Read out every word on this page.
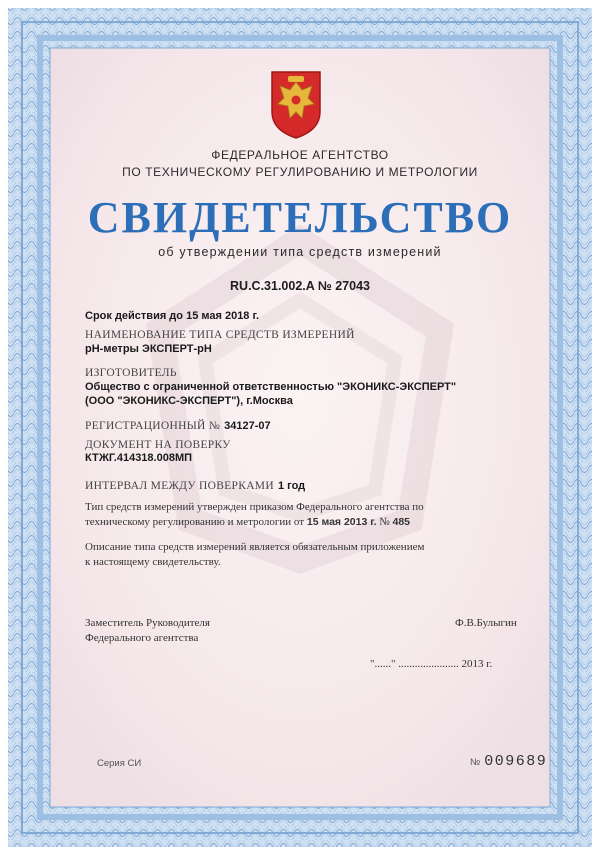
ФЕДЕРАЛЬНОЕ АГЕНТСТВО
ПО ТЕХНИЧЕСКОМУ РЕГУЛИРОВАНИЮ И МЕТРОЛОГИИ
СВИДЕТЕЛЬСТВО
об утверждении типа средств измерений
RU.C.31.002.A № 27043
Срок действия до 15 мая 2018 г.
НАИМЕНОВАНИЕ ТИПА СРЕДСТВ ИЗМЕРЕНИЙ
pH-метры ЭКСПЕРТ-pH
ИЗГОТОВИТЕЛЬ
Общество с ограниченной ответственностью "ЭКОНИКС-ЭКСПЕРТ"
(ООО "ЭКОНИКС-ЭКСПЕРТ"), г.Москва
РЕГИСТРАЦИОННЫЙ № 34127-07
ДОКУМЕНТ НА ПОВЕРКУ
КТЖГ.414318.008МП
ИНТЕРВАЛ МЕЖДУ ПОВЕРКАМИ 1 год
Тип средств измерений утвержден приказом Федерального агентства по
техническому регулированию и метрологии от 15 мая 2013 г. № 485
Описание типа средств измерений является обязательным приложением
к настоящему свидетельству.
Заместитель Руководителя
Федерального агентства
Ф.В.Булыгин
"......" ...................... 2013 г.
Серия СИ	№ 009689
